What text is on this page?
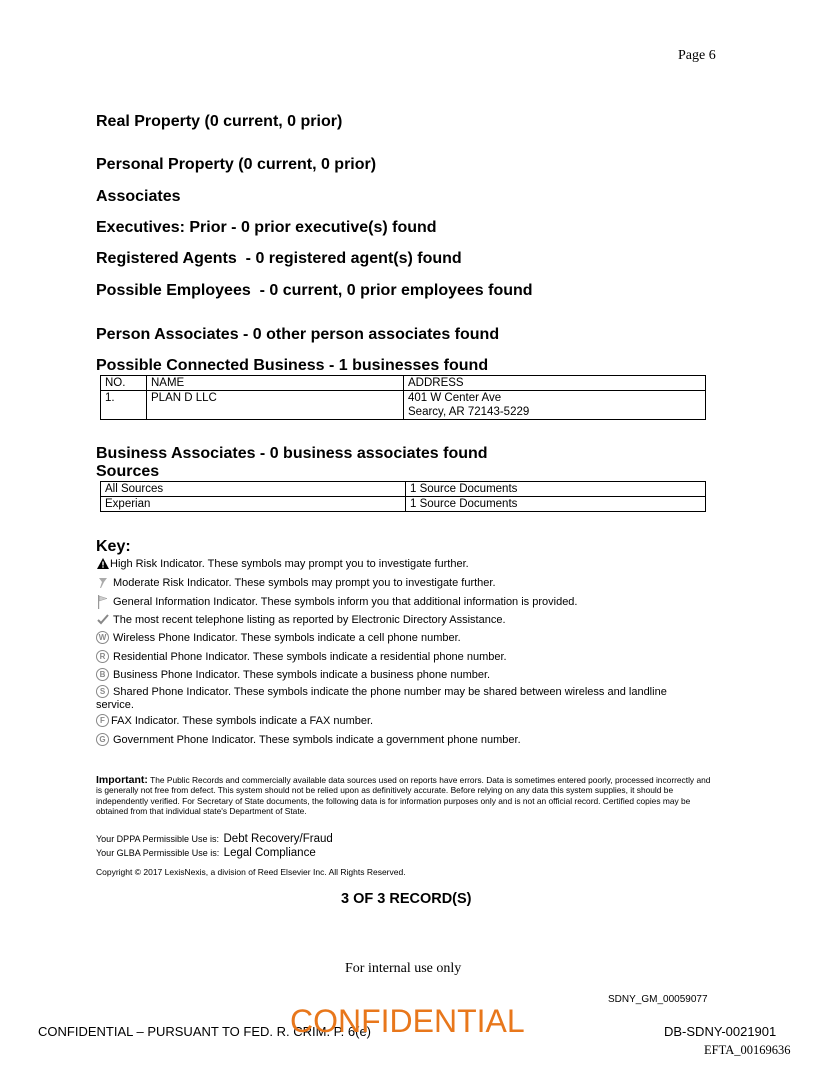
Page 6
Real Property (0 current, 0 prior)
Personal Property (0 current, 0 prior)
Associates
Executives: Prior - 0 prior executive(s) found
Registered Agents  - 0 registered agent(s) found
Possible Employees  - 0 current, 0 prior employees found
Person Associates - 0 other person associates found
Possible Connected Business - 1 businesses found
NO.	NAME	ADDRESS
1.	PLAN D LLC	401 W Center Ave
Searcy, AR 72143-5229
Business Associates - 0 business associates found
Sources
All Sources	1 Source Documents
Experian	1 Source Documents
Key:
High Risk Indicator. These symbols may prompt you to investigate further.
Moderate Risk Indicator. These symbols may prompt you to investigate further.
General Information Indicator. These symbols inform you that additional information is provided.
The most recent telephone listing as reported by Electronic Directory Assistance.
W Wireless Phone Indicator. These symbols indicate a cell phone number.
R Residential Phone Indicator. These symbols indicate a residential phone number.
B Business Phone Indicator. These symbols indicate a business phone number.
S Shared Phone Indicator. These symbols indicate the phone number may be shared between wireless and landline
service.
F FAX Indicator. These symbols indicate a FAX number.
G Government Phone Indicator. These symbols indicate a government phone number.
Important: The Public Records and commercially available data sources used on reports have errors. Data is sometimes entered poorly, processed incorrectly and is generally not free from defect. This system should not be relied upon as definitively accurate. Before relying on any data this system supplies, it should be independently verified. For Secretary of State documents, the following data is for information purposes only and is not an official record. Certified copies may be obtained from that individual state's Department of State.
Your DPPA Permissible Use is: Debt Recovery/Fraud
Your GLBA Permissible Use is: Legal Compliance
Copyright © 2017 LexisNexis, a division of Reed Elsevier Inc. All Rights Reserved.
3 OF 3 RECORD(S)
For internal use only
SDNY_GM_00059077
CONFIDENTIAL – PURSUANT TO FED. R. CRIM. P. 6(e)
CONFIDENTIAL	DB-SDNY-0021901
EFTA_00169636
